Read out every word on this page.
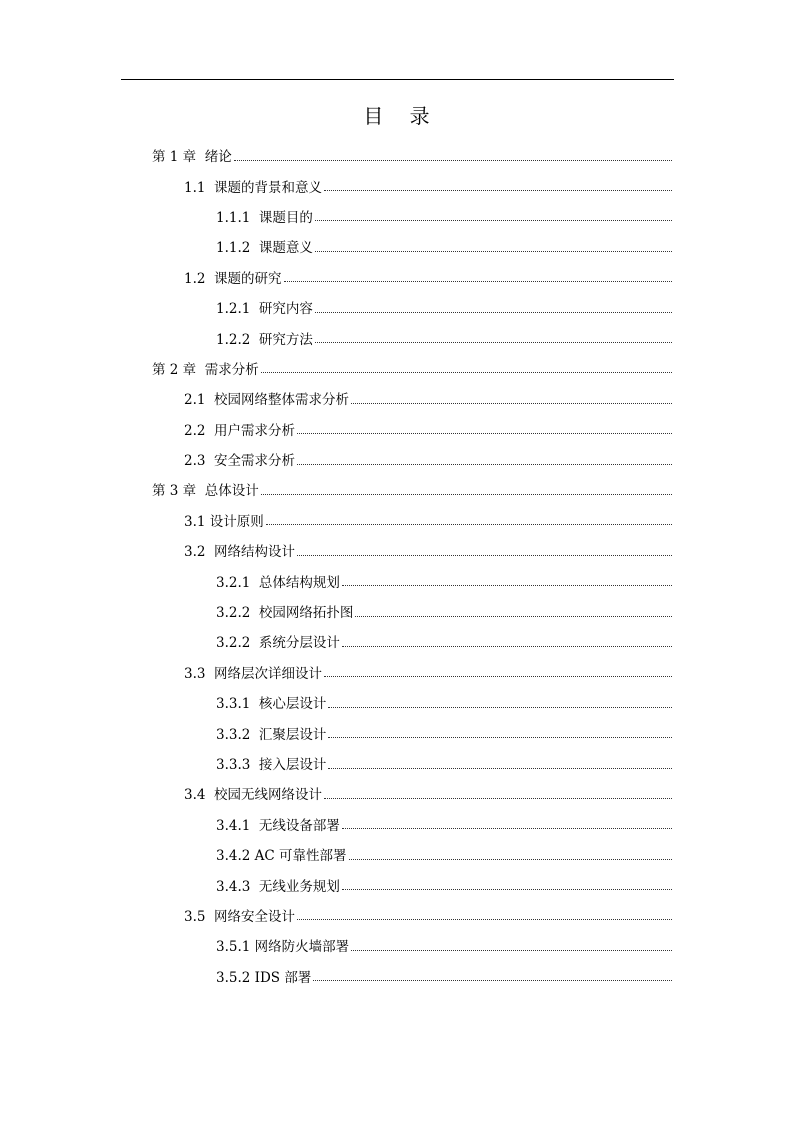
目 录
第 1 章  绪论
1.1  课题的背景和意义
1.1.1  课题目的
1.1.2  课题意义
1.2  课题的研究
1.2.1  研究内容
1.2.2  研究方法
第 2 章  需求分析
2.1  校园网络整体需求分析
2.2  用户需求分析
2.3  安全需求分析
第 3 章  总体设计
3.1 设计原则
3.2  网络结构设计
3.2.1  总体结构规划
3.2.2  校园网络拓扑图
3.2.2  系统分层设计
3.3  网络层次详细设计
3.3.1  核心层设计
3.3.2  汇聚层设计
3.3.3  接入层设计
3.4  校园无线网络设计
3.4.1  无线设备部署
3.4.2 AC 可靠性部署
3.4.3  无线业务规划
3.5  网络安全设计
3.5.1 网络防火墙部署
3.5.2 IDS 部署
